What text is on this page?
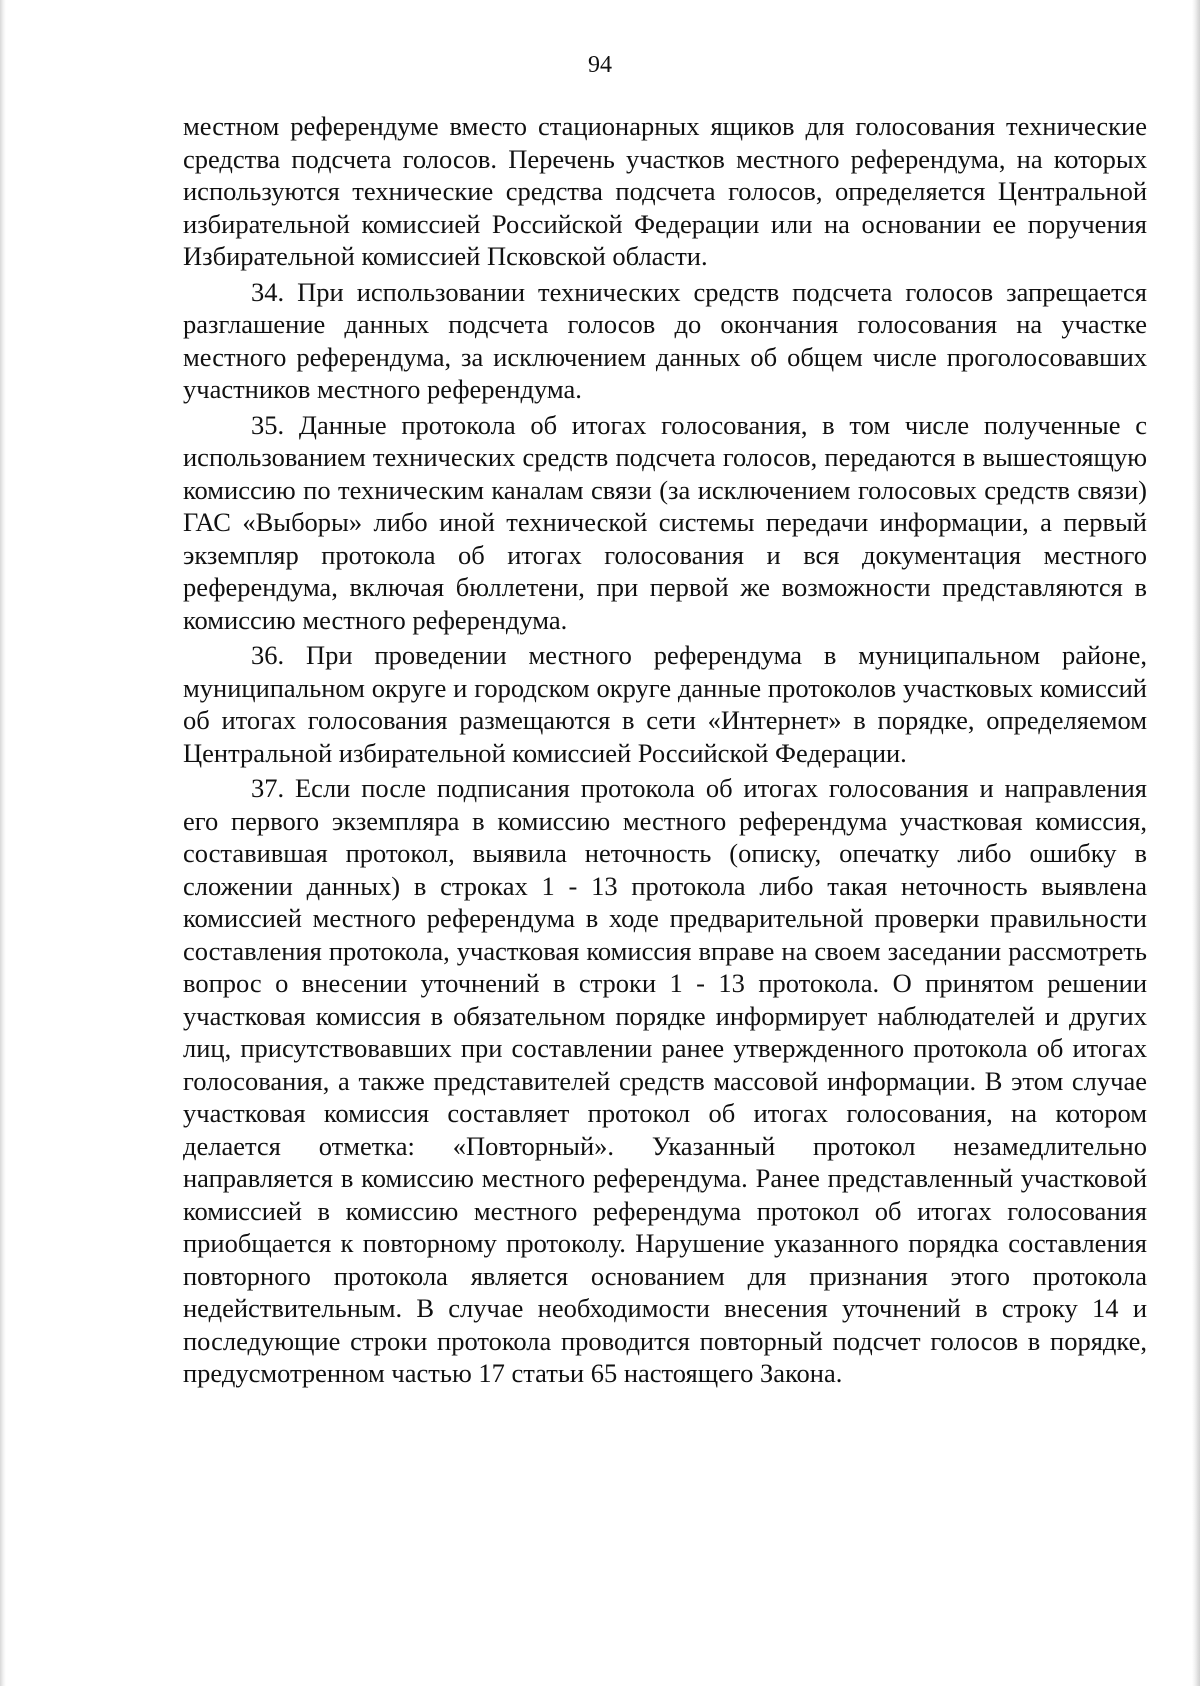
94

местном референдуме вместо стационарных ящиков для голосования технические средства подсчета голосов. Перечень участков местного референдума, на которых используются технические средства подсчета голосов, определяется Центральной избирательной комиссией Российской Федерации или на основании ее поручения Избирательной комиссией Псковской области.

34. При использовании технических средств подсчета голосов запрещается разглашение данных подсчета голосов до окончания голосования на участке местного референдума, за исключением данных об общем числе проголосовавших участников местного референдума.

35. Данные протокола об итогах голосования, в том числе полученные с использованием технических средств подсчета голосов, передаются в вышестоящую комиссию по техническим каналам связи (за исключением голосовых средств связи) ГАС «Выборы» либо иной технической системы передачи информации, а первый экземпляр протокола об итогах голосования и вся документация местного референдума, включая бюллетени, при первой же возможности представляются в комиссию местного референдума.

36. При проведении местного референдума в муниципальном районе, муниципальном округе и городском округе данные протоколов участковых комиссий об итогах голосования размещаются в сети «Интернет» в порядке, определяемом Центральной избирательной комиссией Российской Федерации.

37. Если после подписания протокола об итогах голосования и направления его первого экземпляра в комиссию местного референдума участковая комиссия, составившая протокол, выявила неточность (описку, опечатку либо ошибку в сложении данных) в строках 1 - 13 протокола либо такая неточность выявлена комиссией местного референдума в ходе предварительной проверки правильности составления протокола, участковая комиссия вправе на своем заседании рассмотреть вопрос о внесении уточнений в строки 1 - 13 протокола. О принятом решении участковая комиссия в обязательном порядке информирует наблюдателей и других лиц, присутствовавших при составлении ранее утвержденного протокола об итогах голосования, а также представителей средств массовой информации. В этом случае участковая комиссия составляет протокол об итогах голосования, на котором делается отметка: «Повторный». Указанный протокол незамедлительно направляется в комиссию местного референдума. Ранее представленный участковой комиссией в комиссию местного референдума протокол об итогах голосования приобщается к повторному протоколу. Нарушение указанного порядка составления повторного протокола является основанием для признания этого протокола недействительным. В случае необходимости внесения уточнений в строку 14 и последующие строки протокола проводится повторный подсчет голосов в порядке, предусмотренном частью 17 статьи 65 настоящего Закона.
